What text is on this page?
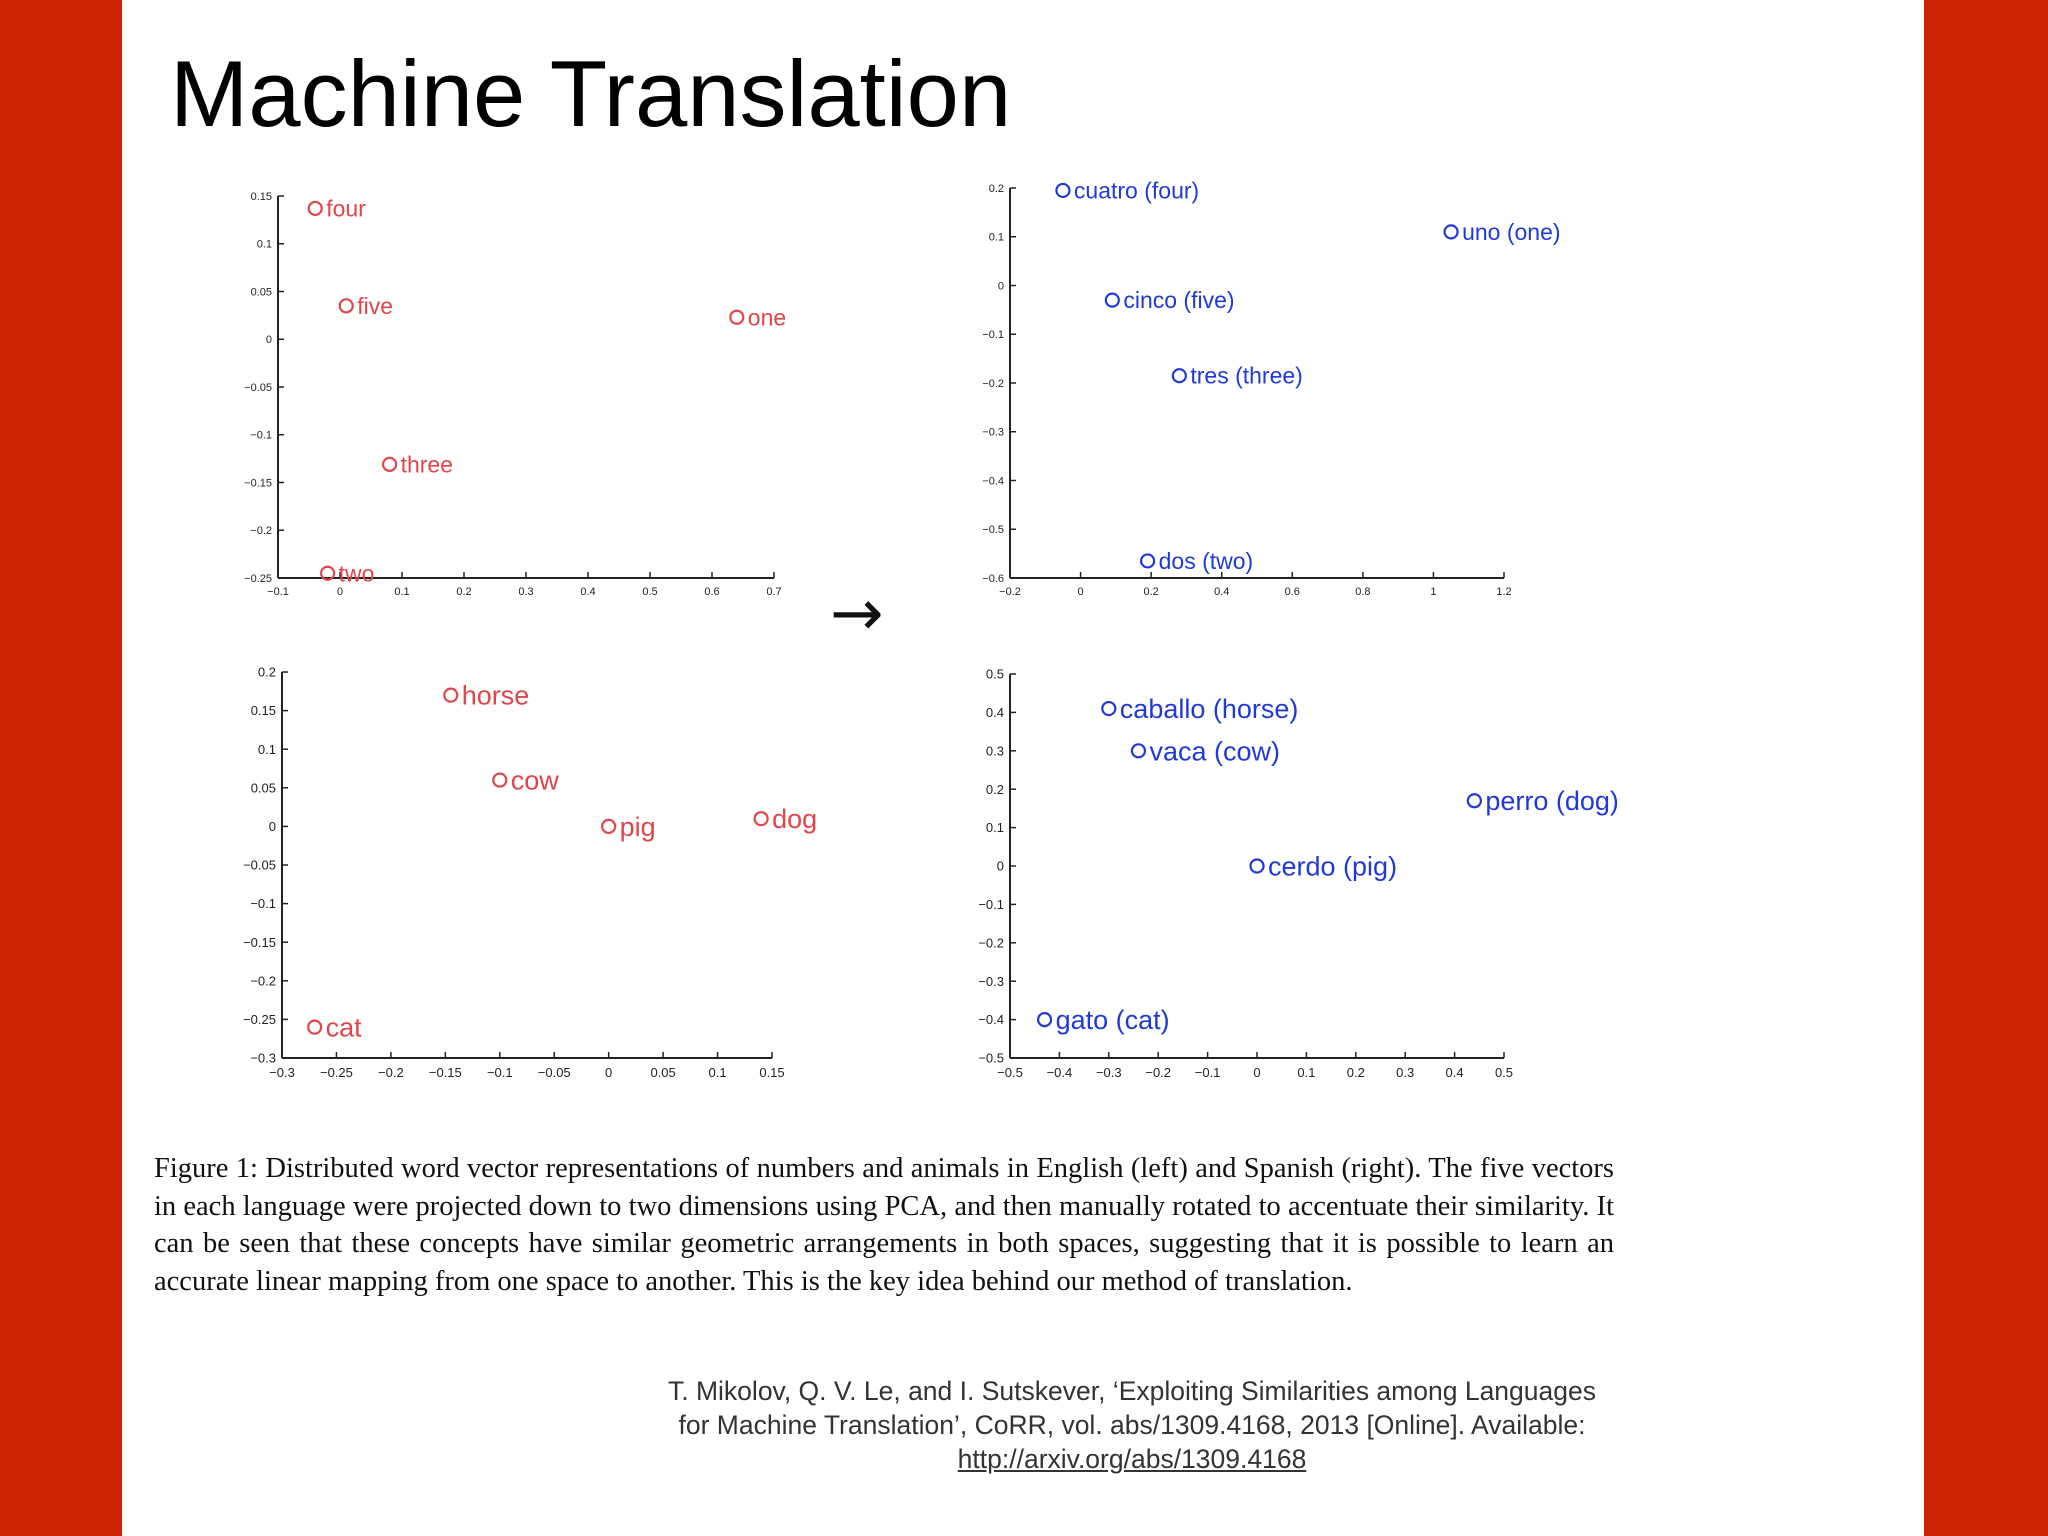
Machine Translation
−0.1	0	0.1	0.2	0.3	0.4	0.5	0.6	0.7
−0.25
−0.2
−0.15
−0.1
−0.05
0
0.05
0.1
0.15 four
five	one
three
two
−0.2	0	0.2	0.4	0.6	0.8	1	1.2
−0.6
−0.5
−0.4
−0.3
−0.2
−0.1
0
0.1
0.2	cuatro (four)
uno (one)
cinco (five)
tres (three)
dos (two)
−0.3 −0.25 −0.2 −0.15 −0.1 −0.05	0	0.05	0.1	0.15
−0.3
−0.25
−0.2
−0.15
−0.1
−0.05
0
0.05
0.1
0.15
0.2
horse
cow
pig	dog
cat
−0.5 −0.4 −0.3 −0.2 −0.1	0	0.1 0.2 0.3 0.4 0.5
−0.5
−0.4
−0.3
−0.2
−0.1
0
0.1
0.2
0.3
0.4
0.5
caballo (horse)
vaca (cow)
perro (dog)
cerdo (pig)
gato (cat)
→
Figure 1: Distributed word vector representations of numbers and animals in English (left) and Spanish (right). The five vectors in each language were projected down to two dimensions using PCA, and then manually rotated to accentuate their similarity. It can be seen that these concepts have similar geometric arrangements in both spaces, suggesting that it is possible to learn an accurate linear mapping from one space to another. This is the key idea behind our method of translation.
T. Mikolov, Q. V. Le, and I. Sutskever, ‘Exploiting Similarities among Languages
for Machine Translation’, CoRR, vol. abs/1309.4168, 2013 [Online]. Available:
http://arxiv.org/abs/1309.4168
